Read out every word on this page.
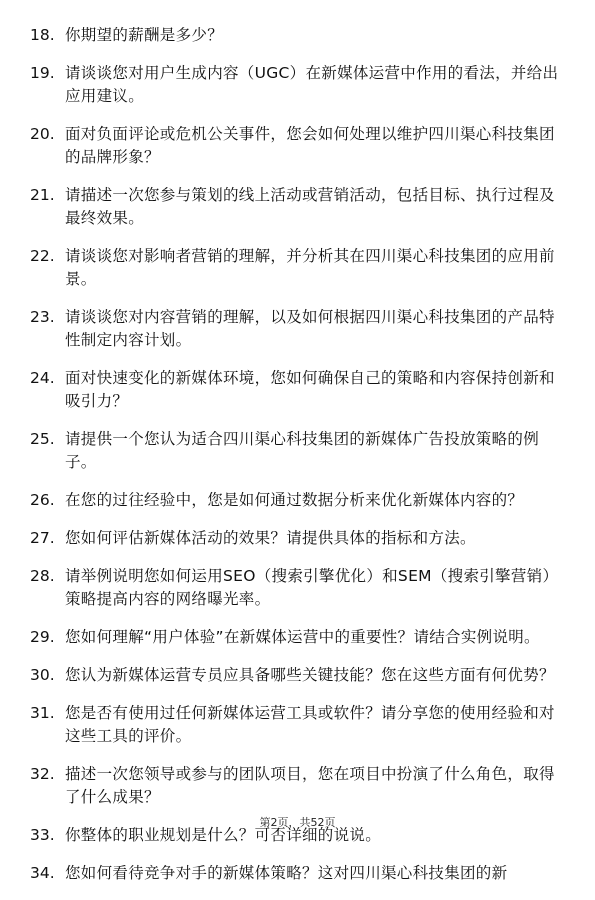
18. 你期望的薪酬是多少？
19. 请谈谈您对用户生成内容（UGC）在新媒体运营中作用的看法，并给出应用建议。
20. 面对负面评论或危机公关事件，您会如何处理以维护四川渠心科技集团的品牌形象？
21. 请描述一次您参与策划的线上活动或营销活动，包括目标、执行过程及最终效果。
22. 请谈谈您对影响者营销的理解，并分析其在四川渠心科技集团的应用前景。
23. 请谈谈您对内容营销的理解，以及如何根据四川渠心科技集团的产品特性制定内容计划。
24. 面对快速变化的新媒体环境，您如何确保自己的策略和内容保持创新和吸引力？
25. 请提供一个您认为适合四川渠心科技集团的新媒体广告投放策略的例子。
26. 在您的过往经验中，您是如何通过数据分析来优化新媒体内容的？
27. 您如何评估新媒体活动的效果？请提供具体的指标和方法。
28. 请举例说明您如何运用SEO（搜索引擎优化）和SEM（搜索引擎营销）策略提高内容的网络曝光率。
29. 您如何理解“用户体验”在新媒体运营中的重要性？请结合实例说明。
30. 您认为新媒体运营专员应具备哪些关键技能？您在这些方面有何优势？
31. 您是否有使用过任何新媒体运营工具或软件？请分享您的使用经验和对这些工具的评价。
32. 描述一次您领导或参与的团队项目，您在项目中扮演了什么角色，取得了什么成果？
33. 你整体的职业规划是什么？可否详细的说说。
34. 您如何看待竞争对手的新媒体策略？这对四川渠心科技集团的新
第2页，共52页
